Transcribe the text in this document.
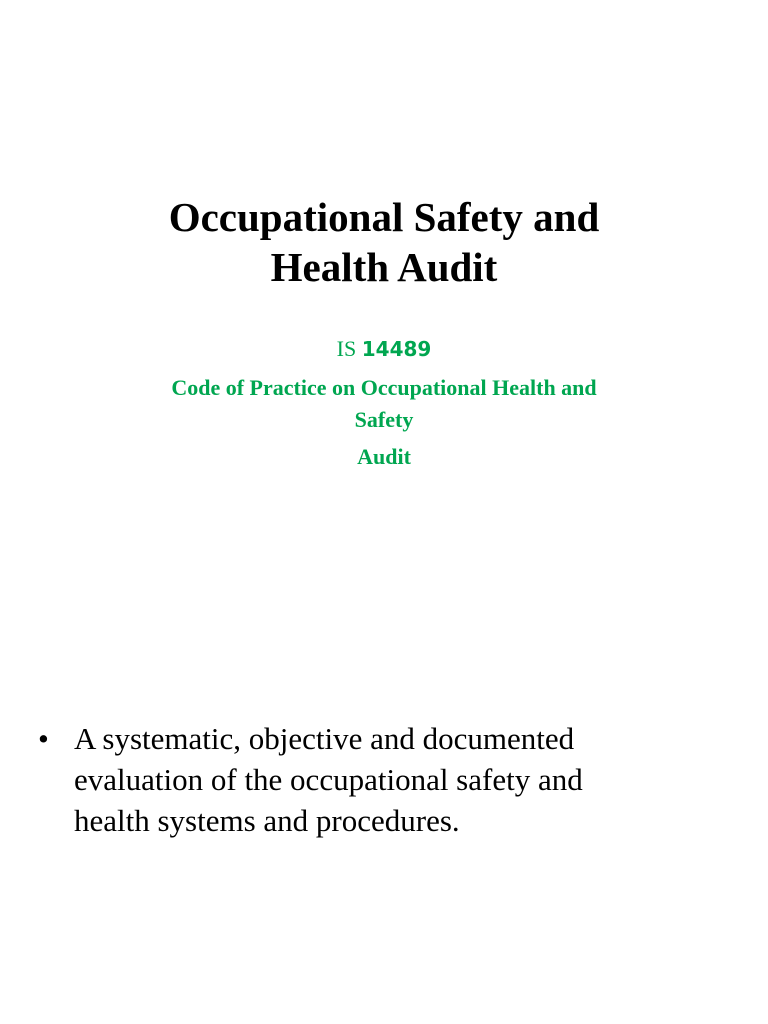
Occupational Safety and
Health Audit
IS 14489
Code of Practice on Occupational Health and
Safety
Audit
• A systematic, objective and documented
evaluation of the occupational safety and
health systems and procedures.
